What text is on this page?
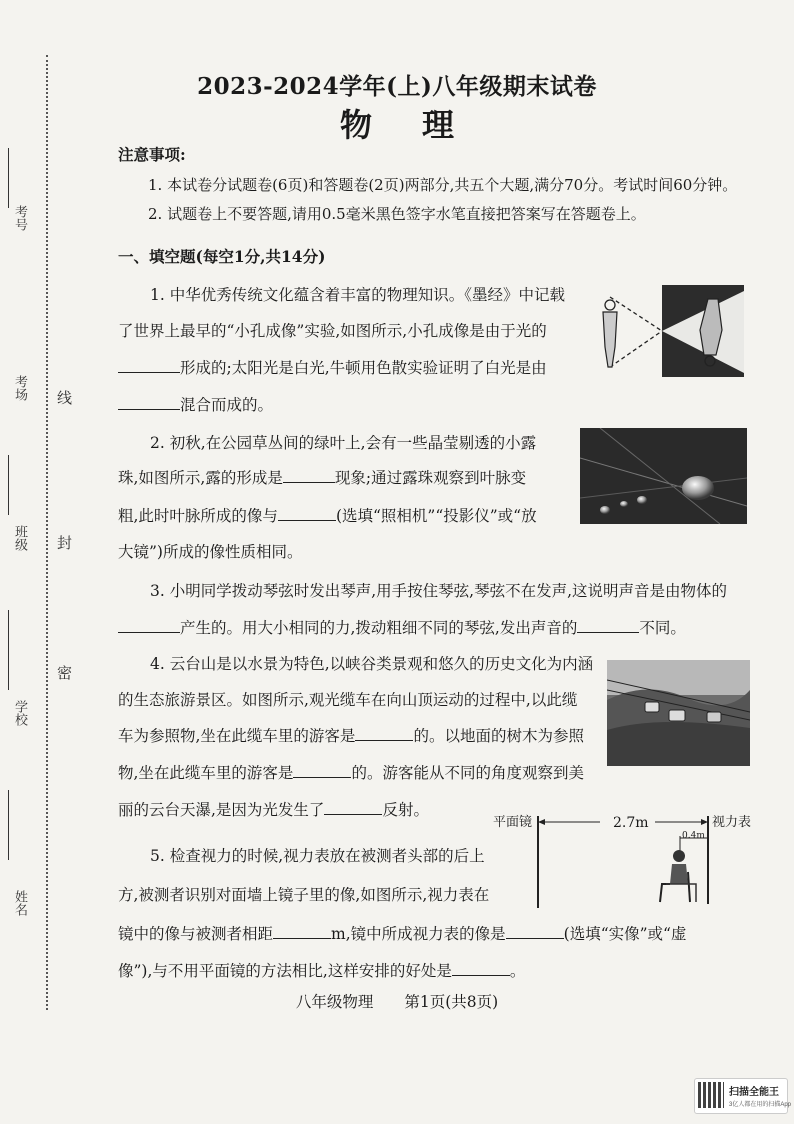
线
封
密
考号
考场
班级
学校
姓名
2023-2024学年(上)八年级期末试卷
物理
注意事项:
1. 本试卷分试题卷(6页)和答题卷(2页)两部分,共五个大题,满分70分。考试时间60分钟。
2. 试题卷上不要答题,请用0.5毫米黑色签字水笔直接把答案写在答题卷上。
一、填空题(每空1分,共14分)
1. 中华优秀传统文化蕴含着丰富的物理知识。《墨经》中记载
了世界上最早的“小孔成像”实验,如图所示,小孔成像是由于光的
形成的;太阳光是白光,牛顿用色散实验证明了白光是由
混合而成的。
2. 初秋,在公园草丛间的绿叶上,会有一些晶莹剔透的小露
珠,如图所示,露的形成是	现象;通过露珠观察到叶脉变
粗,此时叶脉所成的像与	(选填“照相机”“投影仪”或“放
大镜”)所成的像性质相同。
3. 小明同学拨动琴弦时发出琴声,用手按住琴弦,琴弦不在发声,这说明声音是由物体的
产生的。用大小相同的力,拨动粗细不同的琴弦,发出声音的	不同。
4. 云台山是以水景为特色,以峡谷类景观和悠久的历史文化为内涵
的生态旅游景区。如图所示,观光缆车在向山顶运动的过程中,以此缆
车为参照物,坐在此缆车里的游客是	的。以地面的树木为参照
物,坐在此缆车里的游客是	的。游客能从不同的角度观察到美
丽的云台天瀑,是因为光发生了	反射。
平面镜	2.7m
0.4m
视力表
5. 检查视力的时候,视力表放在被测者头部的后上
方,被测者识别对面墙上镜子里的像,如图所示,视力表在
镜中的像与被测者相距	m,镜中所成视力表的像是	(选填“实像”或“虚
像”),与不用平面镜的方法相比,这样安排的好处是	。
八年级物理　　第1页(共8页)
扫描全能王
3亿人都在用的扫描App
